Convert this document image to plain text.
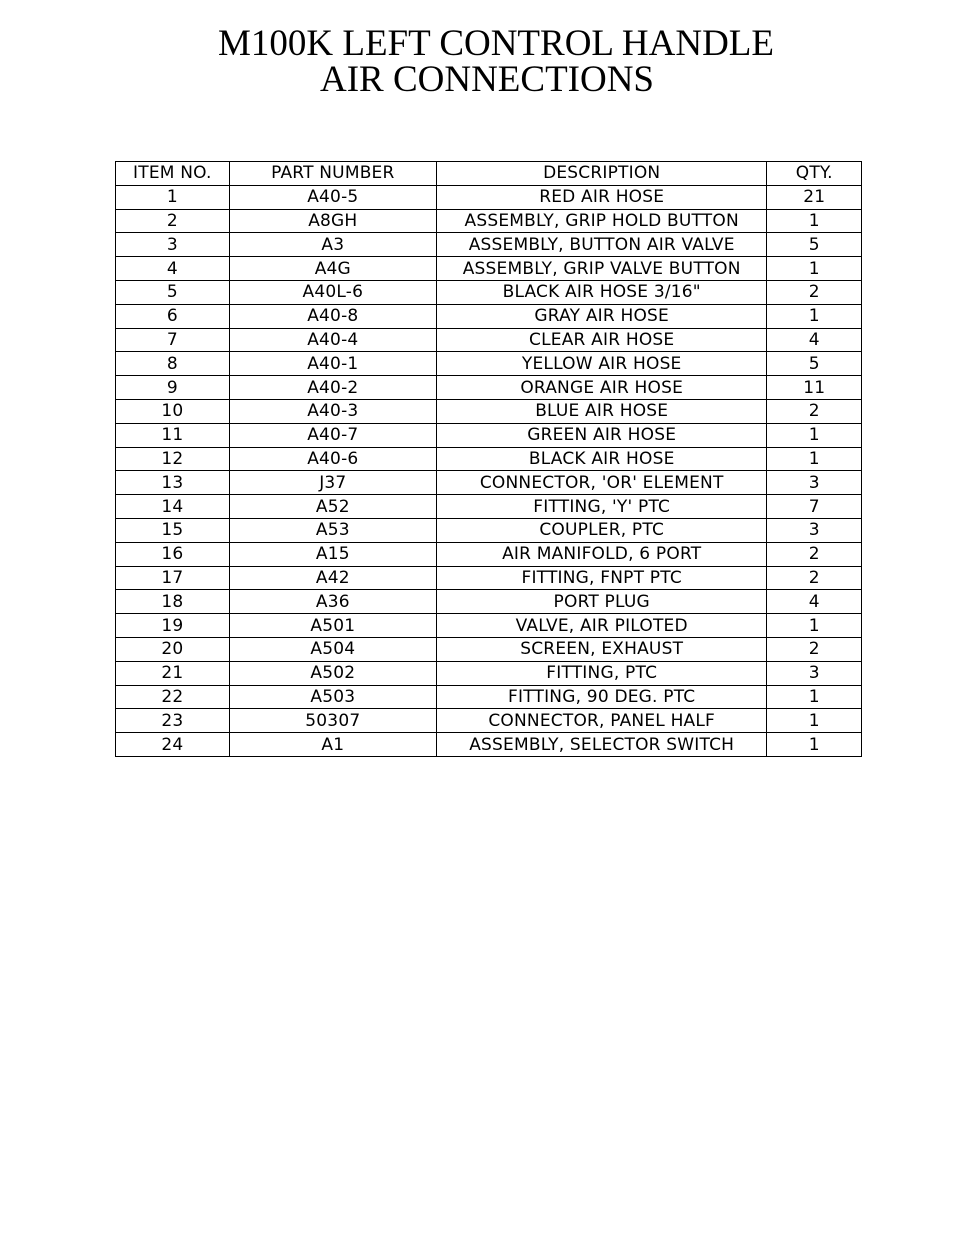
M100K LEFT CONTROL HANDLE
AIR CONNECTIONS
ITEM NO.	PART NUMBER	DESCRIPTION	QTY.
1	A40-5	RED AIR HOSE	21
2	A8GH	ASSEMBLY, GRIP HOLD BUTTON	1
3	A3	ASSEMBLY, BUTTON AIR VALVE	5
4	A4G	ASSEMBLY, GRIP VALVE BUTTON	1
5	A40L-6	BLACK AIR HOSE 3/16"	2
6	A40-8	GRAY AIR HOSE	1
7	A40-4	CLEAR AIR HOSE	4
8	A40-1	YELLOW AIR HOSE	5
9	A40-2	ORANGE AIR HOSE	11
10	A40-3	BLUE AIR HOSE	2
11	A40-7	GREEN AIR HOSE	1
12	A40-6	BLACK AIR HOSE	1
13	J37	CONNECTOR, 'OR' ELEMENT	3
14	A52	FITTING, 'Y' PTC	7
15	A53	COUPLER, PTC	3
16	A15	AIR MANIFOLD, 6 PORT	2
17	A42	FITTING, FNPT PTC	2
18	A36	PORT PLUG	4
19	A501	VALVE, AIR PILOTED	1
20	A504	SCREEN, EXHAUST	2
21	A502	FITTING, PTC	3
22	A503	FITTING, 90 DEG. PTC	1
23	50307	CONNECTOR, PANEL HALF	1
24	A1	ASSEMBLY, SELECTOR SWITCH	1
